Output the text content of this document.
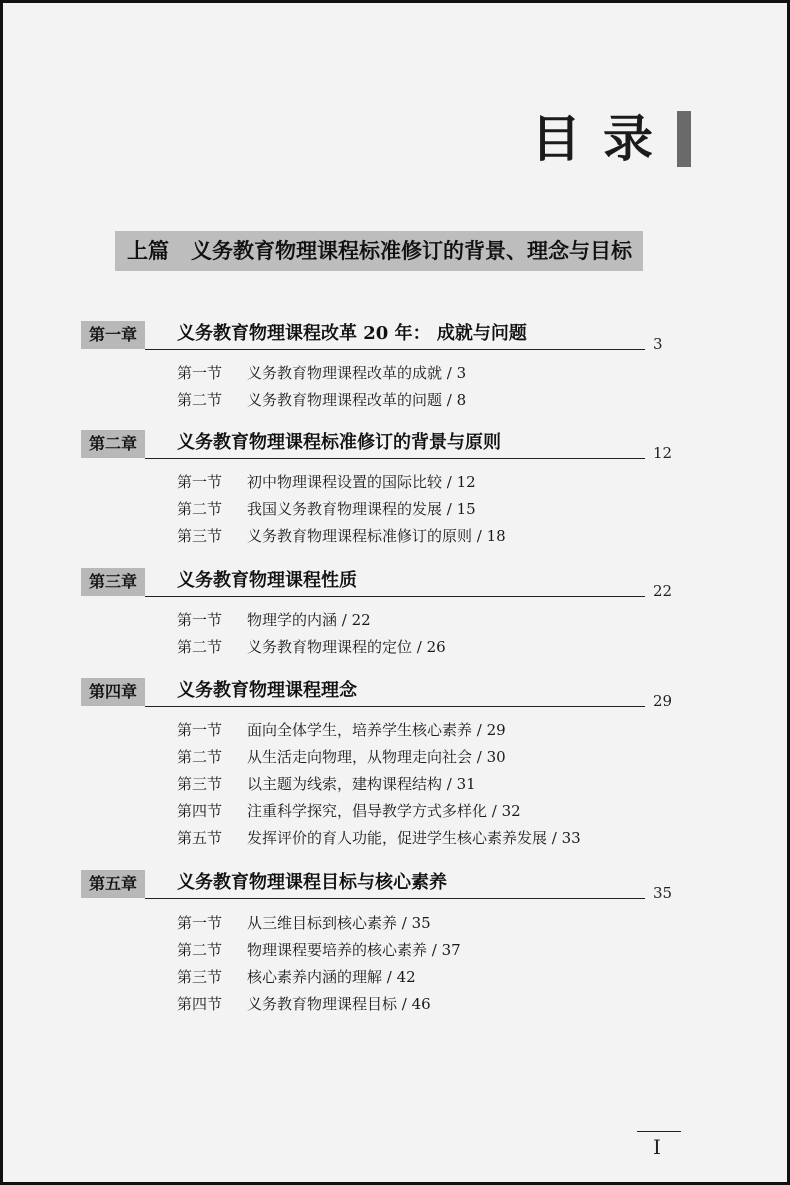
目录
上篇 义务教育物理课程标准修订的背景、理念与目标
第一章	义务教育物理课程改革 20 年： 成就与问题	3
第一节 义务教育物理课程改革的成就 / 3
第二节 义务教育物理课程改革的问题 / 8
第二章	义务教育物理课程标准修订的背景与原则	12
第一节 初中物理课程设置的国际比较 / 12
第二节 我国义务教育物理课程的发展 / 15
第三节 义务教育物理课程标准修订的原则 / 18
第三章	义务教育物理课程性质	22
第一节 物理学的内涵 / 22
第二节 义务教育物理课程的定位 / 26
第四章	义务教育物理课程理念	29
第一节 面向全体学生，培养学生核心素养 / 29
第二节 从生活走向物理，从物理走向社会 / 30
第三节 以主题为线索，建构课程结构 / 31
第四节 注重科学探究，倡导教学方式多样化 / 32
第五节 发挥评价的育人功能，促进学生核心素养发展 / 33
第五章	义务教育物理课程目标与核心素养	35
第一节 从三维目标到核心素养 / 35
第二节 物理课程要培养的核心素养 / 37
第三节 核心素养内涵的理解 / 42
第四节 义务教育物理课程目标 / 46
I
